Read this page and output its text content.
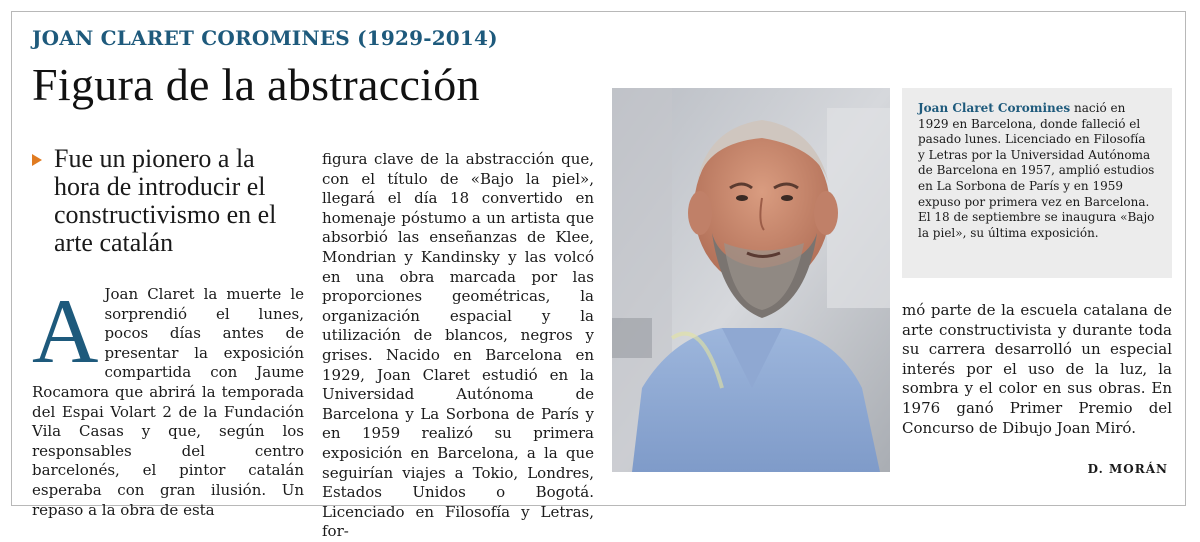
JOAN CLARET COROMINES (1929-2014)
Figura de la abstracción

Fue un pionero a la hora de introducir el constructivismo en el arte catalán

A Joan Claret la muerte le sorprendió el lunes, pocos días antes de presentar la exposición compartida con Jaume Rocamora que abrirá la temporada del Espai Volart 2 de la Fundación Vila Casas y que, según los responsables del centro barcelonés, el pintor catalán esperaba con gran ilusión. Un repaso a la obra de esta

figura clave de la abstracción que, con el título de «Bajo la piel», llegará el día 18 convertido en homenaje póstumo a un artista que absorbió las enseñanzas de Klee, Mondrian y Kandinsky y las volcó en una obra marcada por las proporciones geométricas, la organización espacial y la utilización de blancos, negros y grises. Nacido en Barcelona en 1929, Joan Claret estudió en la Universidad Autónoma de Barcelona y La Sorbona de París y en 1959 realizó su primera exposición en Barcelona, a la que seguirían viajes a Tokio, Londres, Estados Unidos o Bogotá. Licenciado en Filosofía y Letras, for-

Joan Claret Coromines nació en 1929 en Barcelona, donde falleció el pasado lunes. Licenciado en Filosofía y Letras por la Universidad Autónoma de Barcelona en 1957, amplió estudios en La Sorbona de París y en 1959 expuso por primera vez en Barcelona. El 18 de septiembre se inaugura «Bajo la piel», su última exposición.

mó parte de la escuela catalana de arte constructivista y durante toda su carrera desarrolló un especial interés por el uso de la luz, la sombra y el color en sus obras. En 1976 ganó Primer Premio del Concurso de Dibujo Joan Miró.

D. MORÁN
